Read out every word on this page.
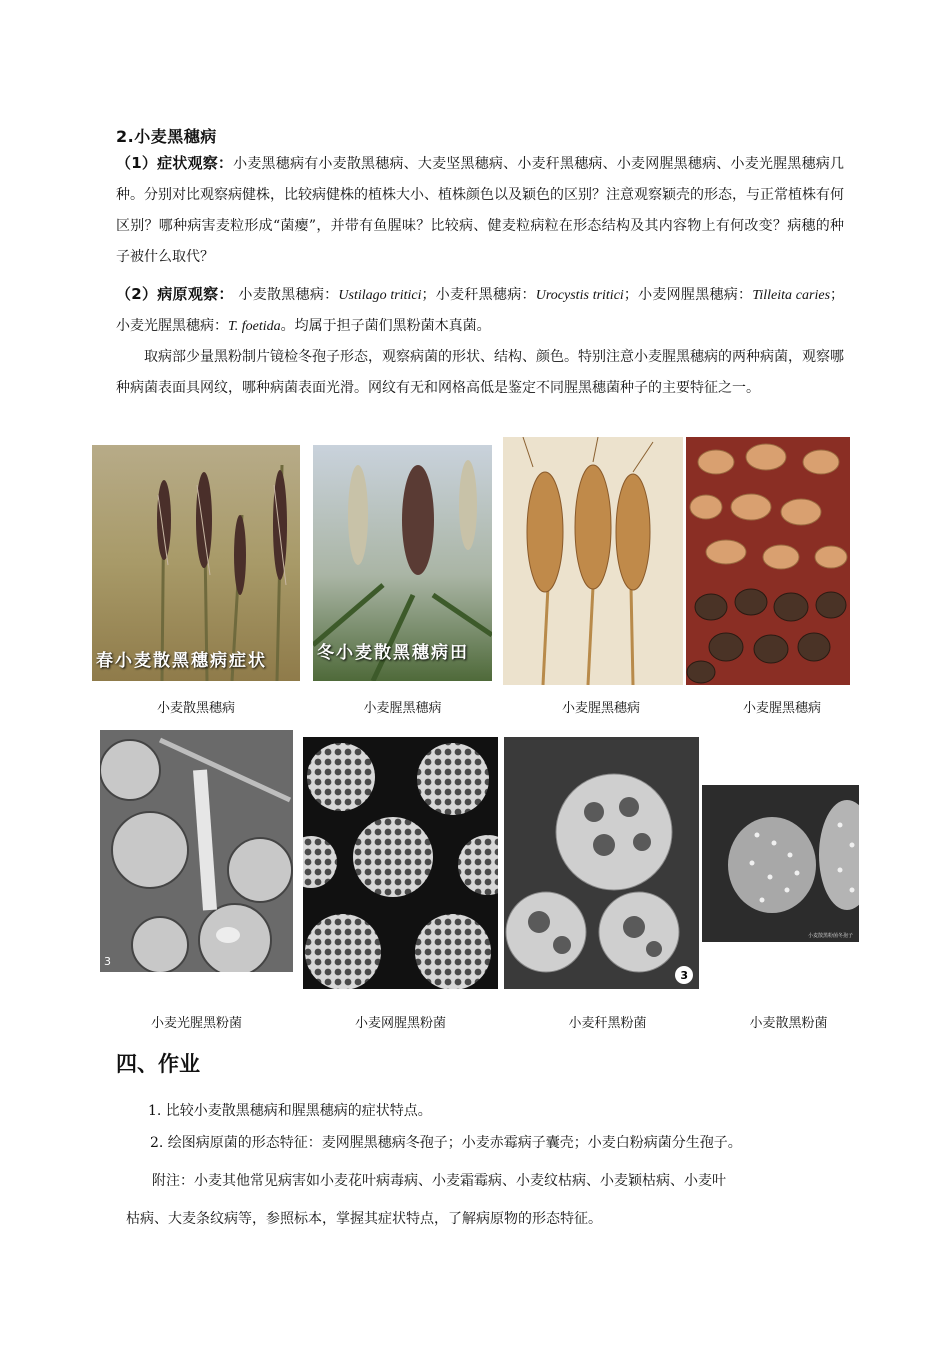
2.小麦黑穗病

（1）症状观察：小麦黑穗病有小麦散黑穗病、大麦坚黑穗病、小麦秆黑穗病、小麦网腥黑穗病、小麦光腥黑穗病几种。分别对比观察病健株，比较病健株的植株大小、植株颜色以及颖色的区别？注意观察颖壳的形态，与正常植株有何区别？哪种病害麦粒形成“菌瘿”，并带有鱼腥味？比较病、健麦粒病粒在形态结构及其内容物上有何改变？病穗的种子被什么取代？

（2）病原观察： 小麦散黑穗病：Ustilago tritici；小麦秆黑穗病：Urocystis tritici；小麦网腥黑穗病：Tilleita caries；小麦光腥黑穗病：T. foetida。均属于担子菌们黑粉菌木真菌。

取病部少量黑粉制片镜检冬孢子形态，观察病菌的形状、结构、颜色。特别注意小麦腥黑穗病的两种病菌，观察哪种病菌表面具网纹，哪种病菌表面光滑。网纹有无和网格高低是鉴定不同腥黑穗菌种子的主要特征之一。

春小麦散黑穗病症状	冬小麦散黑穗病田
小麦散黑穗病	小麦腥黑穗病	小麦腥黑穗病	小麦腥黑穗病
3
3
小麦散黑粉菌冬孢子
小麦光腥黑粉菌	小麦网腥黑粉菌	小麦秆黑粉菌	小麦散黑粉菌
四、作业
1. 比较小麦散黑穗病和腥黑穗病的症状特点。
2. 绘图病原菌的形态特征：麦网腥黑穗病冬孢子；小麦赤霉病子囊壳；小麦白粉病菌分生孢子。
附注：小麦其他常见病害如小麦花叶病毒病、小麦霜霉病、小麦纹枯病、小麦颖枯病、小麦叶
枯病、大麦条纹病等，参照标本，掌握其症状特点，了解病原物的形态特征。
